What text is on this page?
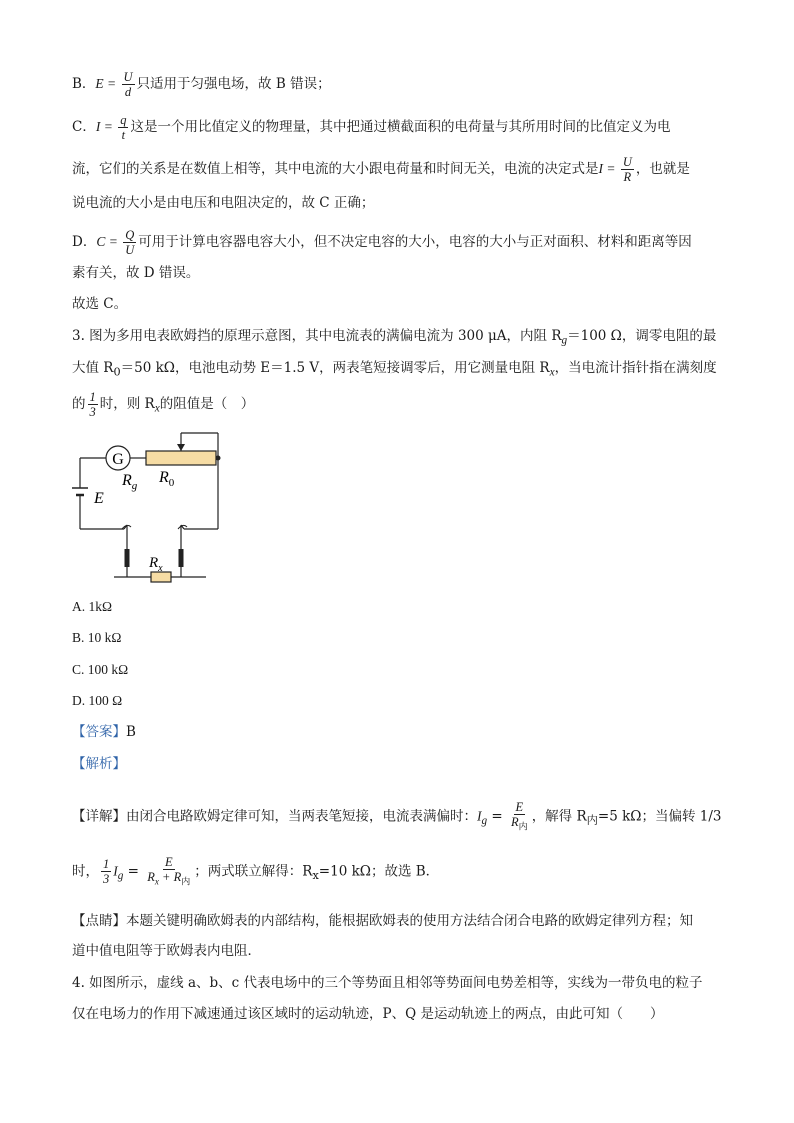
B．$E = \frac{U}{d}$ 只适用于匀强电场，故 B 错误；
C．$I = \frac{q}{t}$ 这是一个用比值定义的物理量，其中把通过横截面积的电荷量与其所用时间的比值定义为电
流，它们的关系是在数值上相等，其中电流的大小跟电荷量和时间无关，电流的决定式是$I = \frac{U}{R}$ ，也就是
说电流的大小是由电压和电阻决定的，故 C 正确；
D．$C = \frac{Q}{U}$ 可用于计算电容器电容大小，但不决定电容的大小，电容的大小与正对面积、材料和距离等因
素有关，故 D 错误。
故选 C。
3. 图为多用电表欧姆挡的原理示意图，其中电流表的满偏电流为 300 μA，内阻 $R_g=100$ Ω，调零电阻的最
大值 $R_0=50$ kΩ，电池电动势 E＝1.5 V，两表笔短接调零后，用它测量电阻 $R_x$，当电流计指针指在满刻度
的 $\frac{1}{3}$ 时，则 $R_x$的阻值是（　）
G
$R_g$ $R_0$
E
$R_x$
A. 1kΩ
B. 10 kΩ
C. 100 kΩ
D. 100 Ω
【答案】B
【解析】
【详解】由闭合电路欧姆定律可知，当两表笔短接，电流表满偏时：$I_g = \frac{E}{R_内}$ ，解得 $R_内=5$ kΩ；当偏转 1/3
时， $\frac{1}{3} I_g = \frac{E}{R_x + R_内}$ ；两式联立解得：$R_x=10$ kΩ；故选 B．
【点睛】本题关键明确欧姆表的内部结构，能根据欧姆表的使用方法结合闭合电路的欧姆定律列方程；知
道中值电阻等于欧姆表内电阻．
4. 如图所示，虚线 a、b、c 代表电场中的三个等势面且相邻等势面间电势差相等，实线为一带负电的粒子
仅在电场力的作用下减速通过该区域时的运动轨迹，P、Q 是运动轨迹上的两点，由此可知（　　）
